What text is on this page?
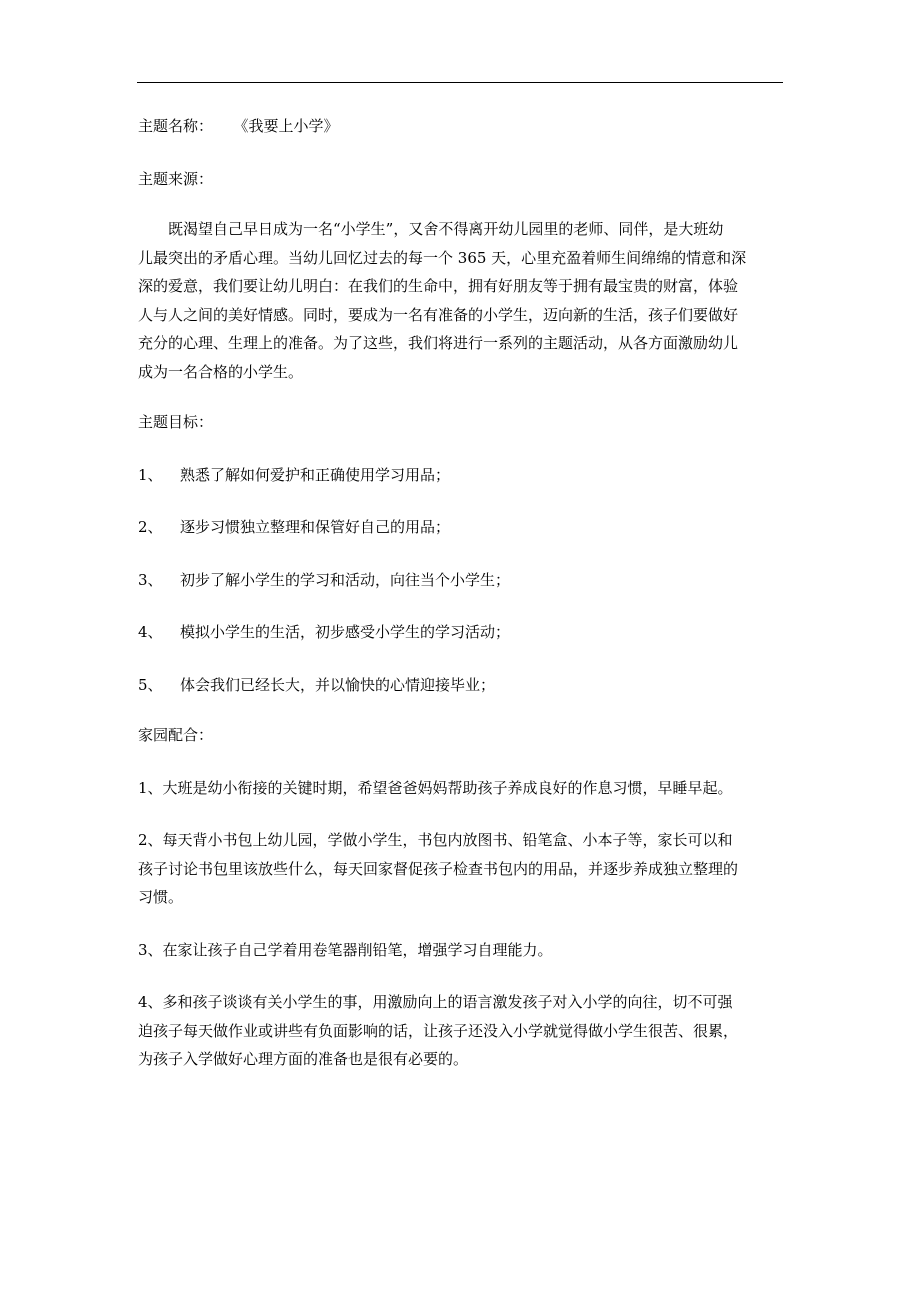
主题名称： 《我要上小学》
主题来源：
既渴望自己早日成为一名“小学生”，又舍不得离开幼儿园里的老师、同伴，是大班幼
儿最突出的矛盾心理。当幼儿回忆过去的每一个 365 天，心里充盈着师生间绵绵的情意和深
深的爱意，我们要让幼儿明白：在我们的生命中，拥有好朋友等于拥有最宝贵的财富，体验
人与人之间的美好情感。同时，要成为一名有准备的小学生，迈向新的生活，孩子们要做好
充分的心理、生理上的准备。为了这些，我们将进行一系列的主题活动，从各方面激励幼儿
成为一名合格的小学生。
主题目标：
1、 熟悉了解如何爱护和正确使用学习用品；
2、 逐步习惯独立整理和保管好自己的用品；
3、 初步了解小学生的学习和活动，向往当个小学生；
4、 模拟小学生的生活，初步感受小学生的学习活动；
5、 体会我们已经长大，并以愉快的心情迎接毕业；
家园配合：
1、大班是幼小衔接的关键时期，希望爸爸妈妈帮助孩子养成良好的作息习惯，早睡早起。
2、每天背小书包上幼儿园，学做小学生，书包内放图书、铅笔盒、小本子等，家长可以和
孩子讨论书包里该放些什么，每天回家督促孩子检查书包内的用品，并逐步养成独立整理的
习惯。
3、在家让孩子自己学着用卷笔器削铅笔，增强学习自理能力。
4、多和孩子谈谈有关小学生的事，用激励向上的语言激发孩子对入小学的向往，切不可强
迫孩子每天做作业或讲些有负面影响的话，让孩子还没入小学就觉得做小学生很苦、很累，
为孩子入学做好心理方面的准备也是很有必要的。
